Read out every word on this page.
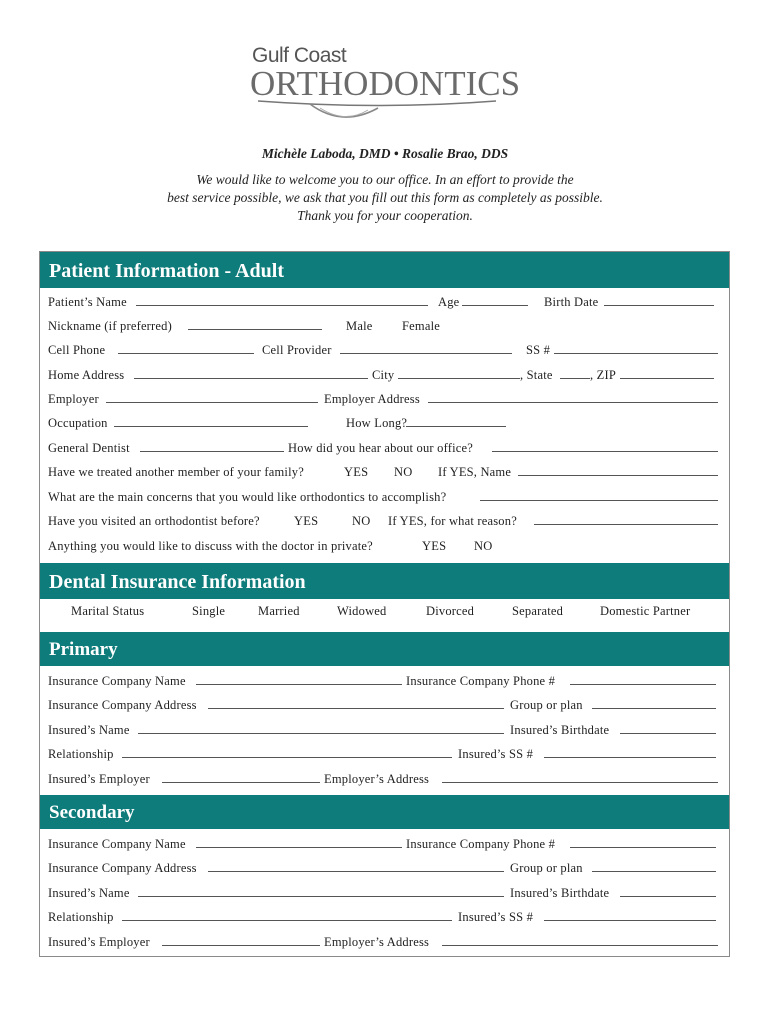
Gulf Coast
ORTHODONTICS
Michèle Laboda, DMD • Rosalie Brao, DDS
We would like to welcome you to our office. In an effort to provide the
best service possible, we ask that you fill out this form as completely as possible.
Thank you for your cooperation.
Patient Information - Adult
Patient’s Name	Age	Birth Date
Nickname (if preferred)	Male Female
Cell Phone	Cell Provider	SS #
Home Address	City	, State	, ZIP
Employer	Employer Address
Occupation	How Long?
General Dentist	How did you hear about our office?
Have we treated another member of your family?	YES NO If YES, Name
What are the main concerns that you would like orthodontics to accomplish?
Have you visited an orthodontist before?	YES	NO If YES, for what reason?
Anything you would like to discuss with the doctor in private?	YES NO
Dental Insurance Information
Marital Status	Single	Married	Widowed	Divorced	Separated	Domestic Partner
Primary
Insurance Company Name	Insurance Company Phone #
Insurance Company Address	Group or plan
Insured’s Name	Insured’s Birthdate
Relationship	Insured’s SS #
Insured’s Employer	Employer’s Address
Secondary
Insurance Company Name	Insurance Company Phone #
Insurance Company Address	Group or plan
Insured’s Name	Insured’s Birthdate
Relationship	Insured’s SS #
Insured’s Employer	Employer’s Address
